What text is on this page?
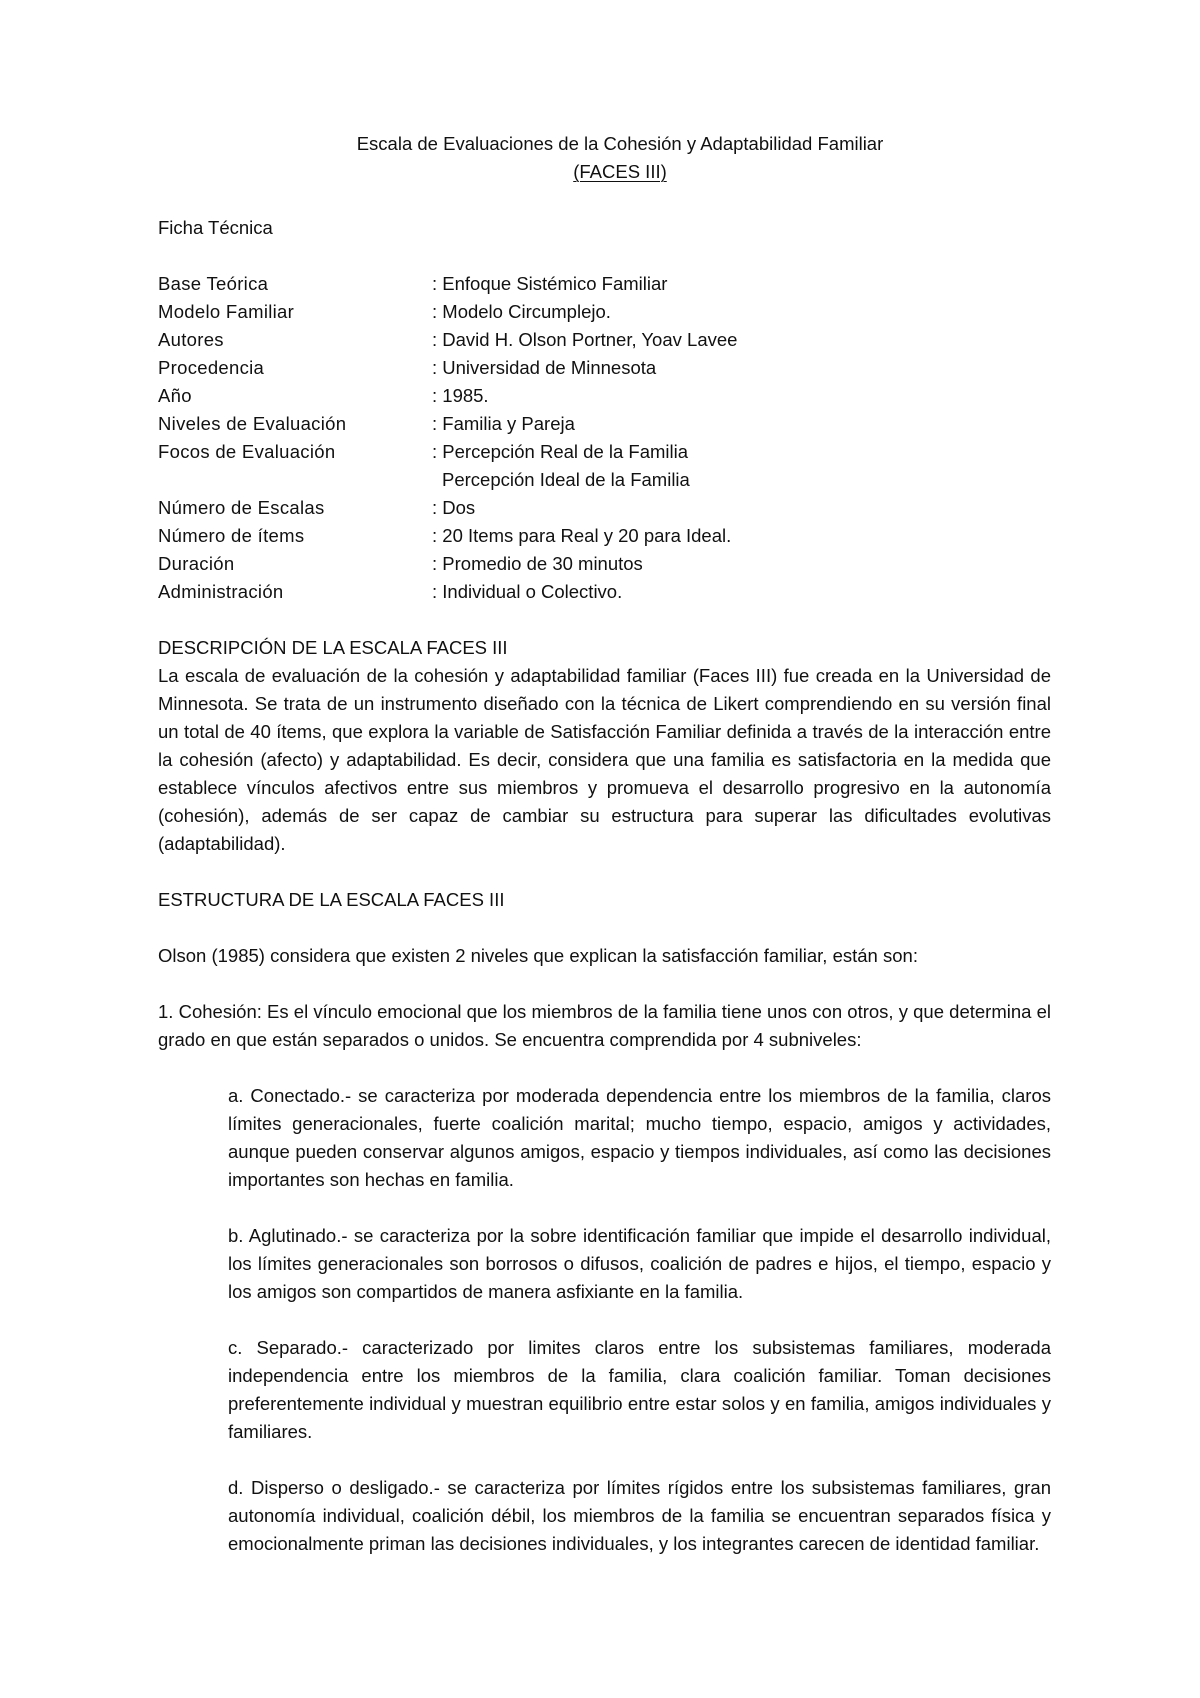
Escala de Evaluaciones de la Cohesión y Adaptabilidad Familiar
(FACES III)
Ficha Técnica
Base Teórica	: Enfoque Sistémico Familiar
Modelo Familiar	: Modelo Circumplejo.
Autores	: David H. Olson Portner, Yoav Lavee
Procedencia	: Universidad de Minnesota
Año	: 1985.
Niveles de Evaluación	: Familia y Pareja
Focos de Evaluación	: Percepción Real de la Familia
Percepción Ideal de la Familia
Número de Escalas	: Dos
Número de ítems	: 20 Items para Real y 20 para Ideal.
Duración	: Promedio de 30 minutos
Administración	: Individual o Colectivo.
DESCRIPCIÓN DE LA ESCALA FACES III

La escala de evaluación de la cohesión y adaptabilidad familiar (Faces III) fue creada en la Universidad de Minnesota. Se trata de un instrumento diseñado con la técnica de Likert comprendiendo en su versión final un total de 40 ítems, que explora la variable de Satisfacción Familiar definida a través de la interacción entre la cohesión (afecto) y adaptabilidad. Es decir, considera que una familia es satisfactoria en la medida que establece vínculos afectivos entre sus miembros y promueva el desarrollo progresivo en la autonomía (cohesión), además de ser capaz de cambiar su estructura para superar las dificultades evolutivas (adaptabilidad).

ESTRUCTURA DE LA ESCALA FACES III

Olson (1985) considera que existen 2 niveles que explican la satisfacción familiar, están son:

1. Cohesión: Es el vínculo emocional que los miembros de la familia tiene unos con otros, y que determina el grado en que están separados o unidos. Se encuentra comprendida por 4 subniveles:

a. Conectado.- se caracteriza por moderada dependencia entre los miembros de la familia, claros límites generacionales, fuerte coalición marital; mucho tiempo, espacio, amigos y actividades, aunque pueden conservar algunos amigos, espacio y tiempos individuales, así como las decisiones importantes son hechas en familia.

b. Aglutinado.- se caracteriza por la sobre identificación familiar que impide el desarrollo individual, los límites generacionales son borrosos o difusos, coalición de padres e hijos, el tiempo, espacio y los amigos son compartidos de manera asfixiante en la familia.

c. Separado.- caracterizado por limites claros entre los subsistemas familiares, moderada independencia entre los miembros de la familia, clara coalición familiar. Toman decisiones preferentemente individual y muestran equilibrio entre estar solos y en familia, amigos individuales y familiares.

d. Disperso o desligado.- se caracteriza por límites rígidos entre los subsistemas familiares, gran autonomía individual, coalición débil, los miembros de la familia se encuentran separados física y emocionalmente priman las decisiones individuales, y los integrantes carecen de identidad familiar.
